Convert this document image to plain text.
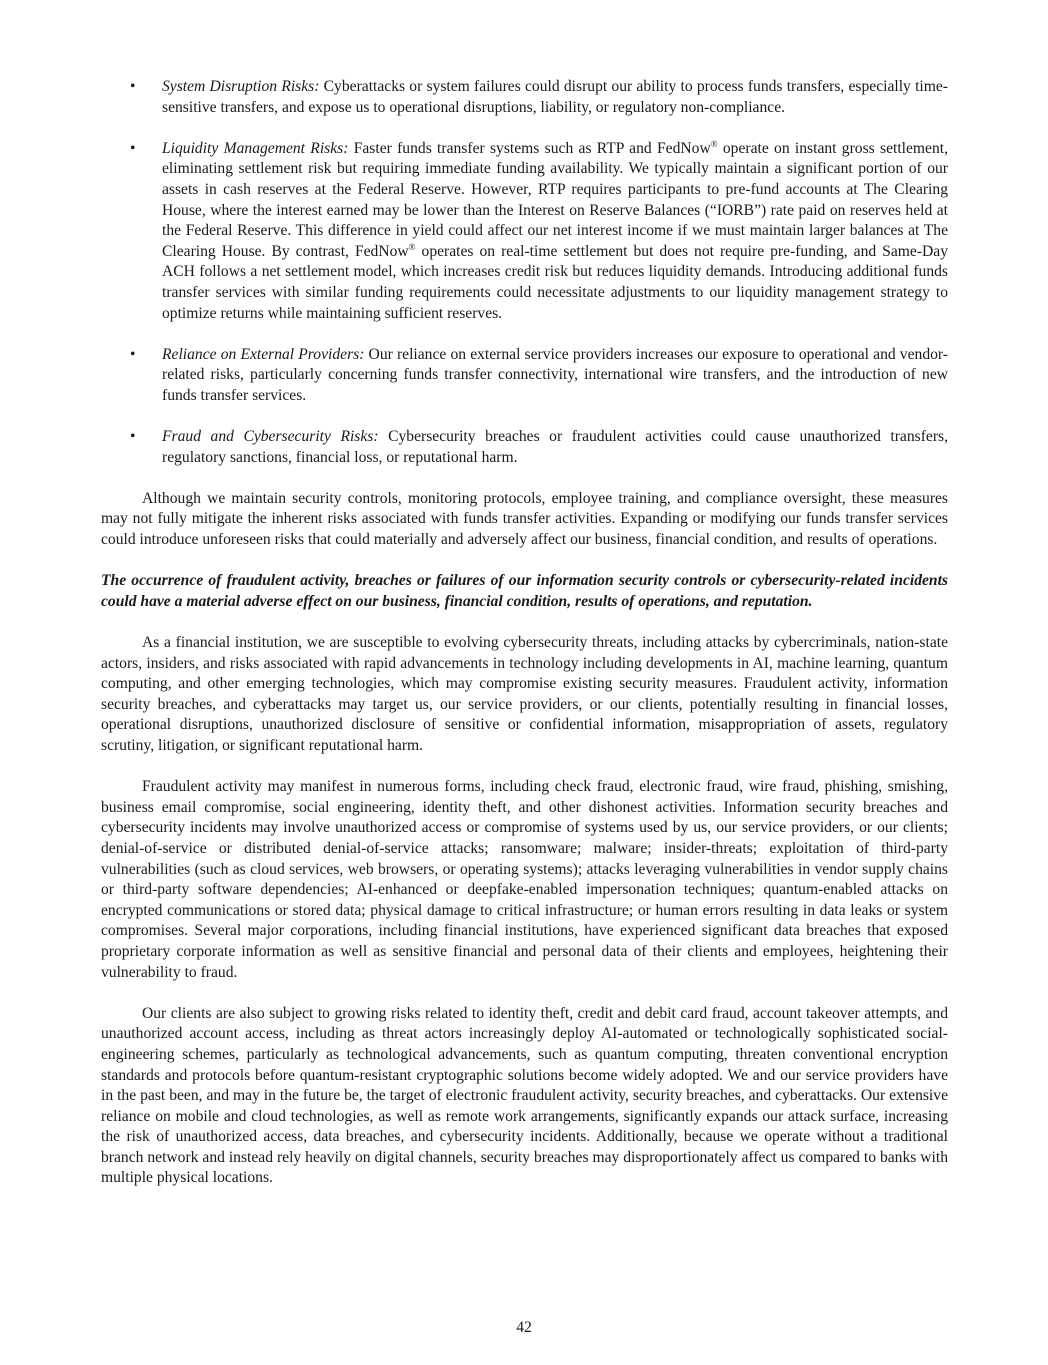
• System Disruption Risks: Cyberattacks or system failures could disrupt our ability to process funds transfers, especially time-sensitive transfers, and expose us to operational disruptions, liability, or regulatory non-compliance.
• Liquidity Management Risks: Faster funds transfer systems such as RTP and FedNow® operate on instant gross settlement, eliminating settlement risk but requiring immediate funding availability. We typically maintain a significant portion of our assets in cash reserves at the Federal Reserve. However, RTP requires participants to pre-fund accounts at The Clearing House, where the interest earned may be lower than the Interest on Reserve Balances (“IORB”) rate paid on reserves held at the Federal Reserve. This difference in yield could affect our net interest income if we must maintain larger balances at The Clearing House. By contrast, FedNow® operates on real-time settlement but does not require pre-funding, and Same-Day ACH follows a net settlement model, which increases credit risk but reduces liquidity demands. Introducing additional funds transfer services with similar funding requirements could necessitate adjustments to our liquidity management strategy to optimize returns while maintaining sufficient reserves.
• Reliance on External Providers: Our reliance on external service providers increases our exposure to operational and vendor-related risks, particularly concerning funds transfer connectivity, international wire transfers, and the introduction of new funds transfer services.
• Fraud and Cybersecurity Risks: Cybersecurity breaches or fraudulent activities could cause unauthorized transfers, regulatory sanctions, financial loss, or reputational harm.

Although we maintain security controls, monitoring protocols, employee training, and compliance oversight, these measures may not fully mitigate the inherent risks associated with funds transfer activities. Expanding or modifying our funds transfer services could introduce unforeseen risks that could materially and adversely affect our business, financial condition, and results of operations.

The occurrence of fraudulent activity, breaches or failures of our information security controls or cybersecurity-related incidents could have a material adverse effect on our business, financial condition, results of operations, and reputation.

As a financial institution, we are susceptible to evolving cybersecurity threats, including attacks by cybercriminals, nation-state actors, insiders, and risks associated with rapid advancements in technology including developments in AI, machine learning, quantum computing, and other emerging technologies, which may compromise existing security measures. Fraudulent activity, information security breaches, and cyberattacks may target us, our service providers, or our clients, potentially resulting in financial losses, operational disruptions, unauthorized disclosure of sensitive or confidential information, misappropriation of assets, regulatory scrutiny, litigation, or significant reputational harm.

Fraudulent activity may manifest in numerous forms, including check fraud, electronic fraud, wire fraud, phishing, smishing, business email compromise, social engineering, identity theft, and other dishonest activities. Information security breaches and cybersecurity incidents may involve unauthorized access or compromise of systems used by us, our service providers, or our clients; denial-of-service or distributed denial-of-service attacks; ransomware; malware; insider-threats; exploitation of third-party vulnerabilities (such as cloud services, web browsers, or operating systems); attacks leveraging vulnerabilities in vendor supply chains or third-party software dependencies; AI-enhanced or deepfake-enabled impersonation techniques; quantum-enabled attacks on encrypted communications or stored data; physical damage to critical infrastructure; or human errors resulting in data leaks or system compromises. Several major corporations, including financial institutions, have experienced significant data breaches that exposed proprietary corporate information as well as sensitive financial and personal data of their clients and employees, heightening their vulnerability to fraud.

Our clients are also subject to growing risks related to identity theft, credit and debit card fraud, account takeover attempts, and unauthorized account access, including as threat actors increasingly deploy AI-automated or technologically sophisticated social-engineering schemes, particularly as technological advancements, such as quantum computing, threaten conventional encryption standards and protocols before quantum-resistant cryptographic solutions become widely adopted. We and our service providers have in the past been, and may in the future be, the target of electronic fraudulent activity, security breaches, and cyberattacks. Our extensive reliance on mobile and cloud technologies, as well as remote work arrangements, significantly expands our attack surface, increasing the risk of unauthorized access, data breaches, and cybersecurity incidents. Additionally, because we operate without a traditional branch network and instead rely heavily on digital channels, security breaches may disproportionately affect us compared to banks with multiple physical locations.

42
